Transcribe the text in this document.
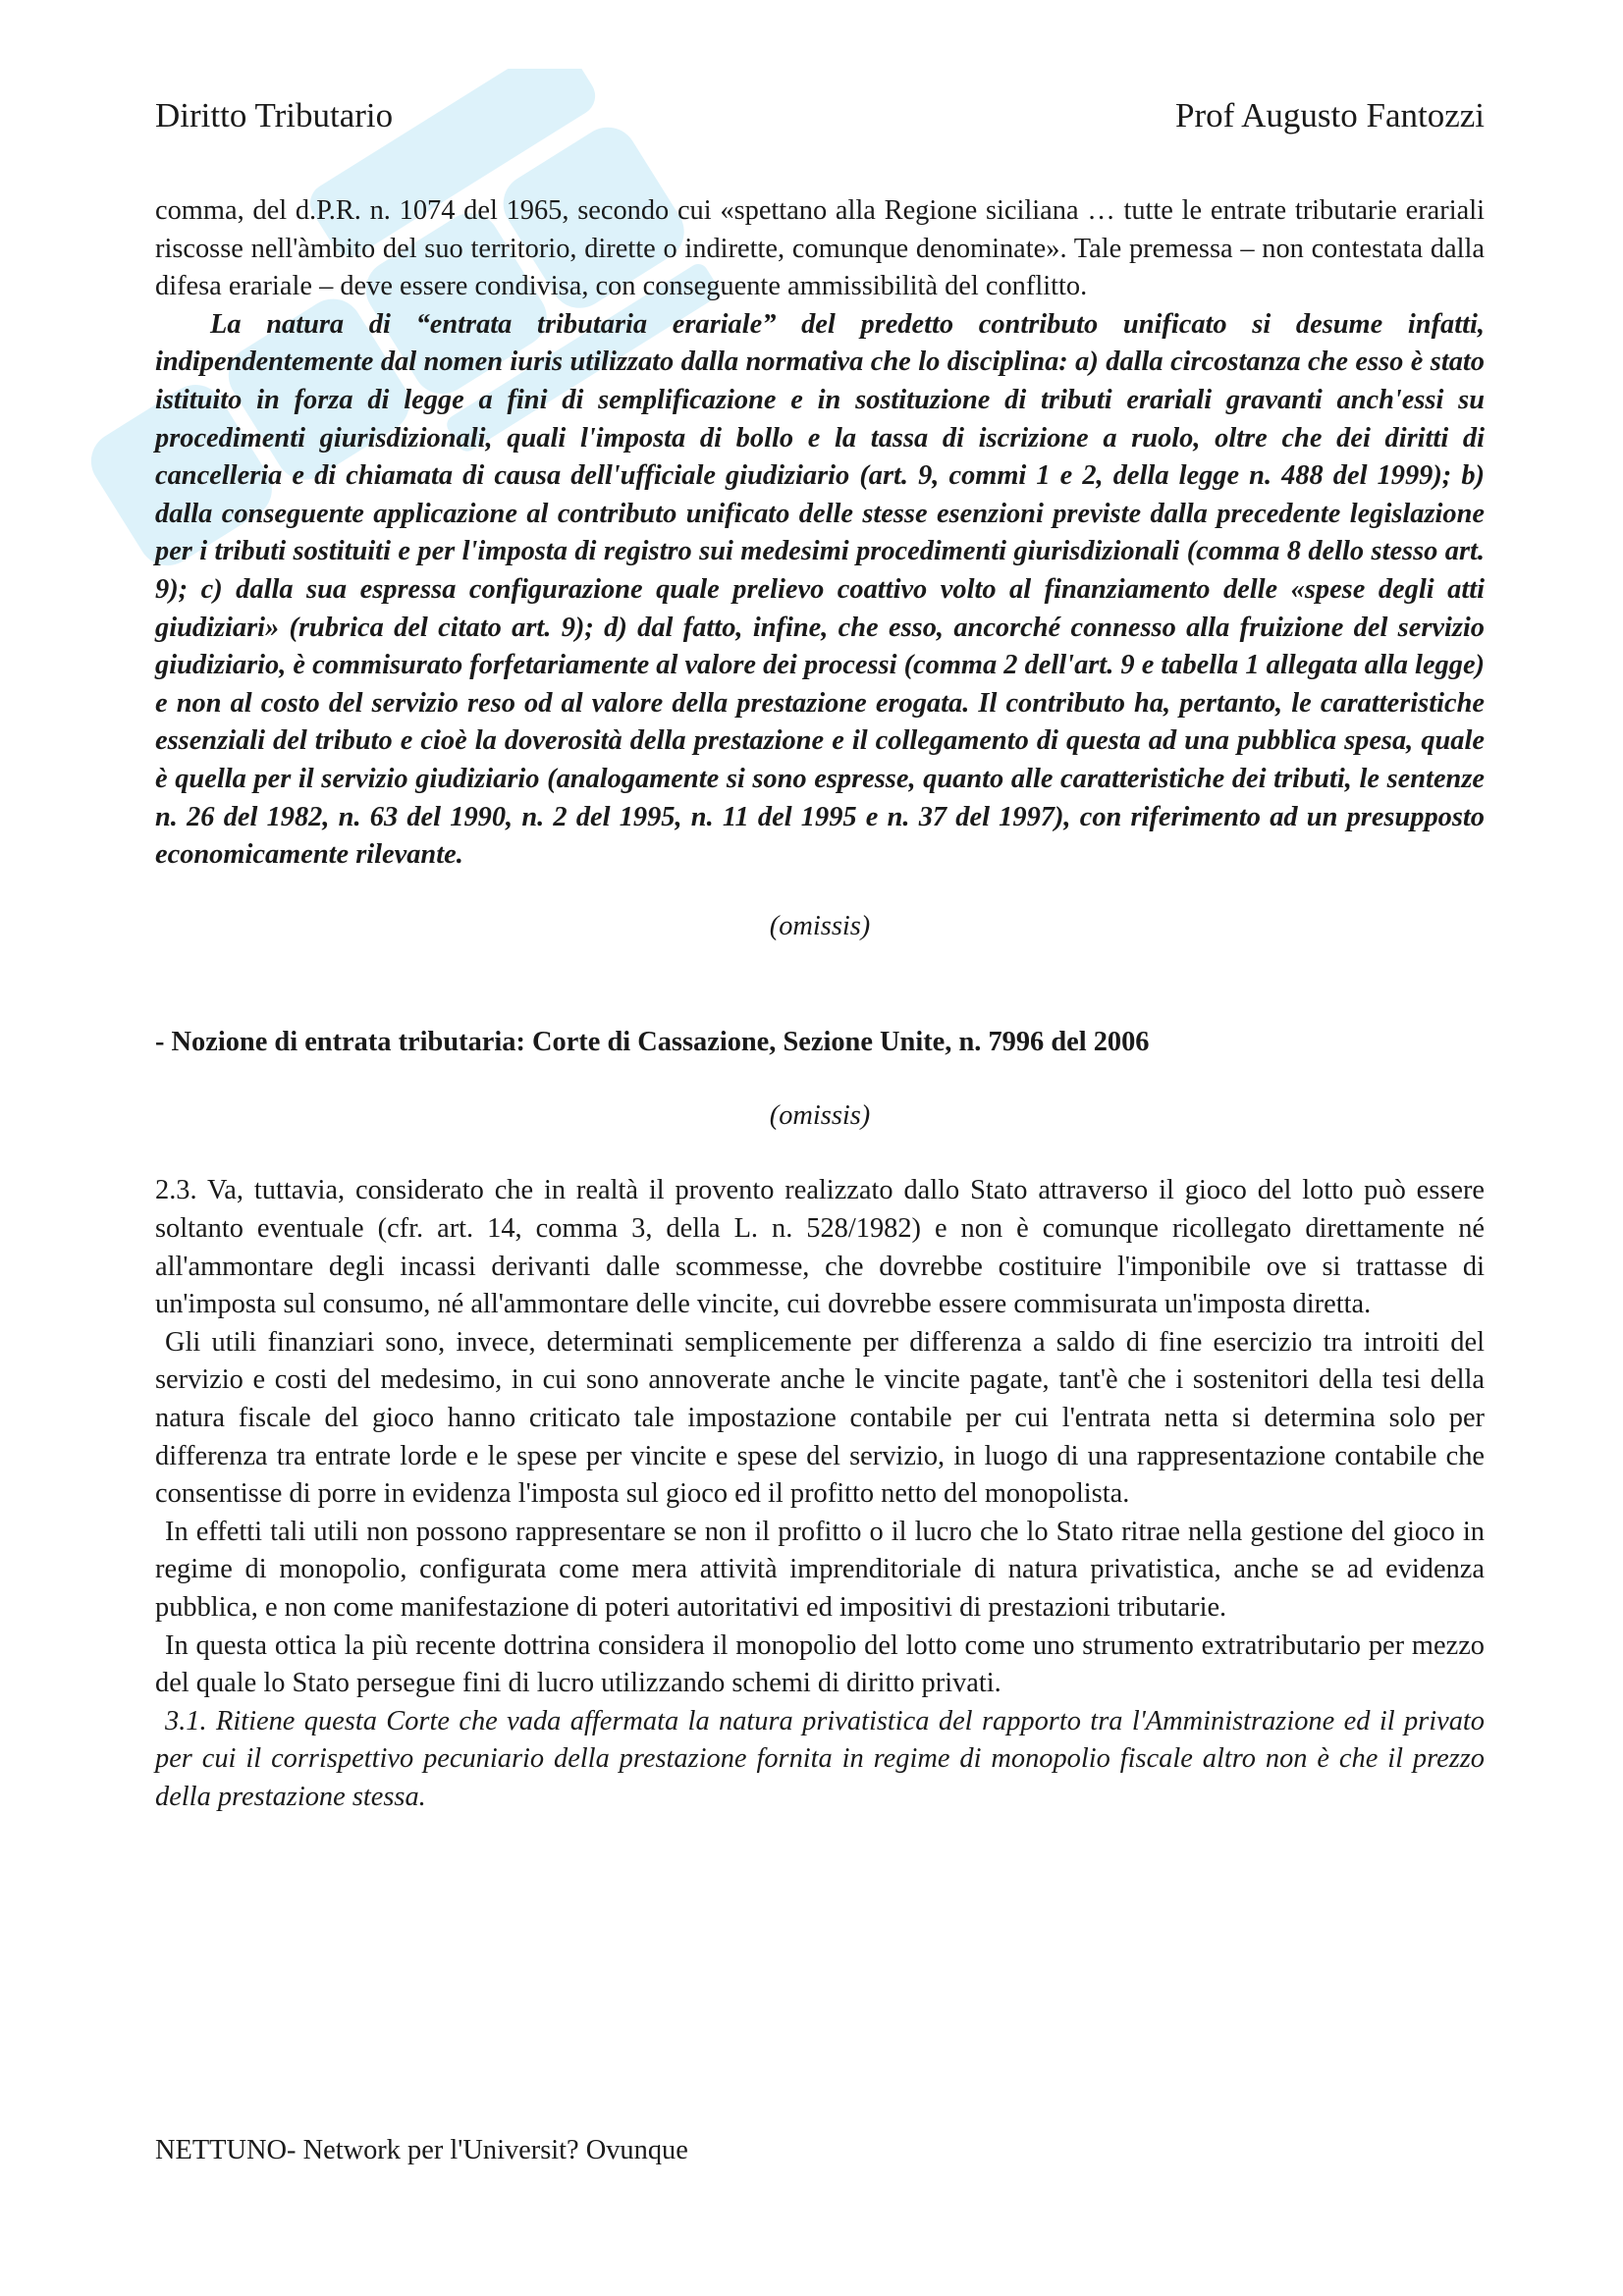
Diritto Tributario	Prof Augusto Fantozzi

comma, del d.P.R. n. 1074 del 1965, secondo cui «spettano alla Regione siciliana … tutte le entrate tributarie erariali riscosse nell'àmbito del suo territorio, dirette o indirette, comunque denominate». Tale premessa – non contestata dalla difesa erariale – deve essere condivisa, con conseguente ammissibilità del conflitto.

La natura di “entrata tributaria erariale” del predetto contributo unificato si desume infatti, indipendentemente dal nomen iuris utilizzato dalla normativa che lo disciplina: a) dalla circostanza che esso è stato istituito in forza di legge a fini di semplificazione e in sostituzione di tributi erariali gravanti anch'essi su procedimenti giurisdizionali, quali l'imposta di bollo e la tassa di iscrizione a ruolo, oltre che dei diritti di cancelleria e di chiamata di causa dell'ufficiale giudiziario (art. 9, commi 1 e 2, della legge n. 488 del 1999); b) dalla conseguente applicazione al contributo unificato delle stesse esenzioni previste dalla precedente legislazione per i tributi sostituiti e per l'imposta di registro sui medesimi procedimenti giurisdizionali (comma 8 dello stesso art. 9); c) dalla sua espressa configurazione quale prelievo coattivo volto al finanziamento delle «spese degli atti giudiziari» (rubrica del citato art. 9); d) dal fatto, infine, che esso, ancorché connesso alla fruizione del servizio giudiziario, è commisurato forfetariamente al valore dei processi (comma 2 dell'art. 9 e tabella 1 allegata alla legge) e non al costo del servizio reso od al valore della prestazione erogata. Il contributo ha, pertanto, le caratteristiche essenziali del tributo e cioè la doverosità della prestazione e il collegamento di questa ad una pubblica spesa, quale è quella per il servizio giudiziario (analogamente si sono espresse, quanto alle caratteristiche dei tributi, le sentenze n. 26 del 1982, n. 63 del 1990, n. 2 del 1995, n. 11 del 1995 e n. 37 del 1997), con riferimento ad un presupposto economicamente rilevante.

(omissis)

- Nozione di entrata tributaria: Corte di Cassazione, Sezione Unite, n. 7996 del 2006

(omissis)

2.3. Va, tuttavia, considerato che in realtà il provento realizzato dallo Stato attraverso il gioco del lotto può essere soltanto eventuale (cfr. art. 14, comma 3, della L. n. 528/1982) e non è comunque ricollegato direttamente né all'ammontare degli incassi derivanti dalle scommesse, che dovrebbe costituire l'imponibile ove si trattasse di un'imposta sul consumo, né all'ammontare delle vincite, cui dovrebbe essere commisurata un'imposta diretta.

Gli utili finanziari sono, invece, determinati semplicemente per differenza a saldo di fine esercizio tra introiti del servizio e costi del medesimo, in cui sono annoverate anche le vincite pagate, tant'è che i sostenitori della tesi della natura fiscale del gioco hanno criticato tale impostazione contabile per cui l'entrata netta si determina solo per differenza tra entrate lorde e le spese per vincite e spese del servizio, in luogo di una rappresentazione contabile che consentisse di porre in evidenza l'imposta sul gioco ed il profitto netto del monopolista.

In effetti tali utili non possono rappresentare se non il profitto o il lucro che lo Stato ritrae nella gestione del gioco in regime di monopolio, configurata come mera attività imprenditoriale di natura privatistica, anche se ad evidenza pubblica, e non come manifestazione di poteri autoritativi ed impositivi di prestazioni tributarie.

In questa ottica la più recente dottrina considera il monopolio del lotto come uno strumento extratributario per mezzo del quale lo Stato persegue fini di lucro utilizzando schemi di diritto privati.

3.1. Ritiene questa Corte che vada affermata la natura privatistica del rapporto tra l'Amministrazione ed il privato per cui il corrispettivo pecuniario della prestazione fornita in regime di monopolio fiscale altro non è che il prezzo della prestazione stessa.

NETTUNO- Network per l'Universit? Ovunque
